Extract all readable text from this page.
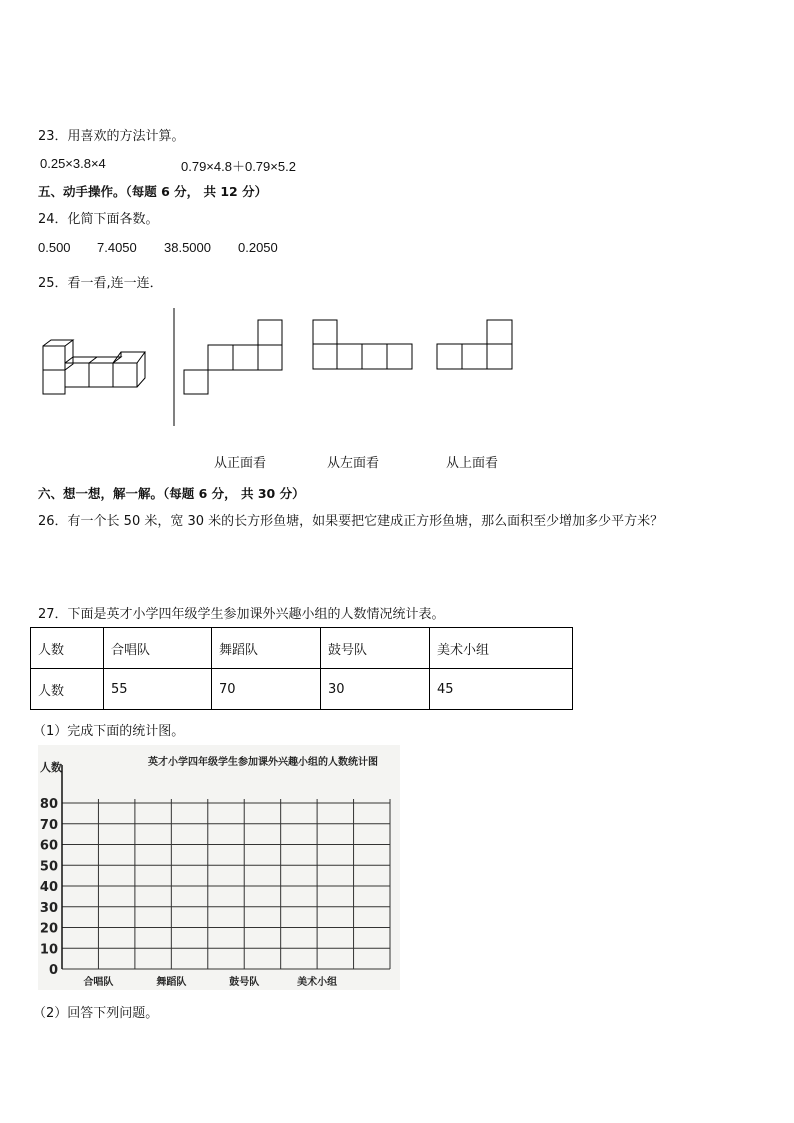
23．用喜欢的方法计算。
0.25×3.8×4	0.79×4.8＋0.79×5.2
五、动手操作。（每题 6 分， 共 12 分）
24．化简下面各数。
0.500 7.4050 38.5000 0.2050
25．看一看,连一连．
从正面看	从左面看	从上面看
六、想一想，解一解。（每题 6 分， 共 30 分）
26．有一个长 50 米，宽 30 米的长方形鱼塘，如果要把它建成正方形鱼塘，那么面积至少增加多少平方米？
27．下面是英才小学四年级学生参加课外兴趣小组的人数情况统计表。
人数	合唱队	舞蹈队	鼓号队	美术小组
人数	55	70	30	45
（1）完成下面的统计图。
英才小学四年级学生参加课外兴趣小组的人数统计图
人数
0
10
20
30
40
50
60
70
80
合唱队	舞蹈队	鼓号队	美术小组
（2）回答下列问题。
